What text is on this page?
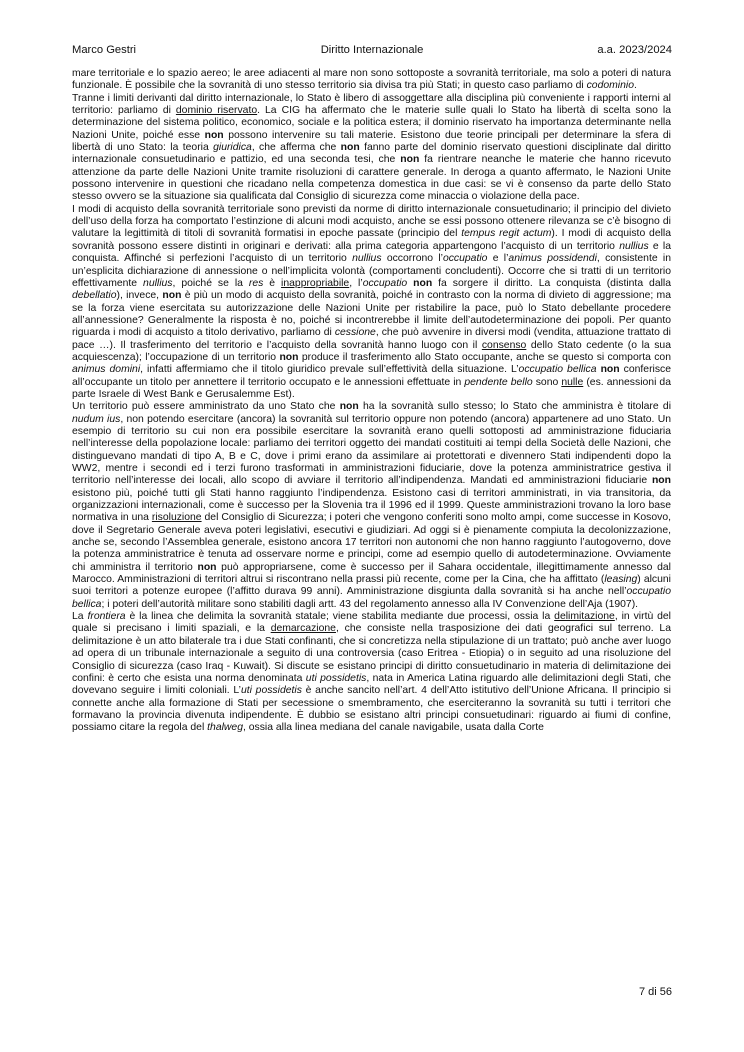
Marco Gestri	Diritto Internazionale	a.a. 2023/2024

mare territoriale e lo spazio aereo; le aree adiacenti al mare non sono sottoposte a sovranità territoriale, ma solo a poteri di natura funzionale. È possibile che la sovranità di uno stesso territorio sia divisa tra più Stati; in questo caso parliamo di codominio.

Tranne i limiti derivanti dal diritto internazionale, lo Stato è libero di assoggettare alla disciplina più conveniente i rapporti interni al territorio: parliamo di dominio riservato. La CIG ha affermato che le materie sulle quali lo Stato ha libertà di scelta sono la determinazione del sistema politico, economico, sociale e la politica estera; il dominio riservato ha importanza determinante nella Nazioni Unite, poiché esse non possono intervenire su tali materie. Esistono due teorie principali per determinare la sfera di libertà di uno Stato: la teoria giuridica, che afferma che non fanno parte del dominio riservato questioni disciplinate dal diritto internazionale consuetudinario e pattizio, ed una seconda tesi, che non fa rientrare neanche le materie che hanno ricevuto attenzione da parte delle Nazioni Unite tramite risoluzioni di carattere generale. In deroga a quanto affermato, le Nazioni Unite possono intervenire in questioni che ricadano nella competenza domestica in due casi: se vi è consenso da parte dello Stato stesso ovvero se la situazione sia qualificata dal Consiglio di sicurezza come minaccia o violazione della pace.

I modi di acquisto della sovranità territoriale sono previsti da norme di diritto internazionale consuetudinario; il principio del divieto dell’uso della forza ha comportato l’estinzione di alcuni modi acquisto, anche se essi possono ottenere rilevanza se c’è bisogno di valutare la legittimità di titoli di sovranità formatisi in epoche passate (principio del tempus regit actum). I modi di acquisto della sovranità possono essere distinti in originari e derivati: alla prima categoria appartengono l’acquisto di un territorio nullius e la conquista. Affinché si perfezioni l’acquisto di un territorio nullius occorrono l’occupatio e l’animus possidendi, consistente in un’esplicita dichiarazione di annessione o nell’implicita volontà (comportamenti concludenti). Occorre che si tratti di un territorio effettivamente nullius, poiché se la res è inappropriabile, l’occupatio non fa sorgere il diritto. La conquista (distinta dalla debellatio), invece, non è più un modo di acquisto della sovranità, poiché in contrasto con la norma di divieto di aggressione; ma se la forza viene esercitata su autorizzazione delle Nazioni Unite per ristabilire la pace, può lo Stato debellante procedere all’annessione? Generalmente la risposta è no, poiché si incontrerebbe il limite dell’autodeterminazione dei popoli. Per quanto riguarda i modi di acquisto a titolo derivativo, parliamo di cessione, che può avvenire in diversi modi (vendita, attuazione trattato di pace …). Il trasferimento del territorio e l’acquisto della sovranità hanno luogo con il consenso dello Stato cedente (o la sua acquiescenza); l’occupazione di un territorio non produce il trasferimento allo Stato occupante, anche se questo si comporta con animus domini, infatti affermiamo che il titolo giuridico prevale sull’effettività della situazione. L’occupatio bellica non conferisce all’occupante un titolo per annettere il territorio occupato e le annessioni effettuate in pendente bello sono nulle (es. annessioni da parte Israele di West Bank e Gerusalemme Est).

Un territorio può essere amministrato da uno Stato che non ha la sovranità sullo stesso; lo Stato che amministra è titolare di nudum ius, non potendo esercitare (ancora) la sovranità sul territorio oppure non potendo (ancora) appartenere ad uno Stato. Un esempio di territorio su cui non era possibile esercitare la sovranità erano quelli sottoposti ad amministrazione fiduciaria nell’interesse della popolazione locale: parliamo dei territori oggetto dei mandati costituiti ai tempi della Società delle Nazioni, che distinguevano mandati di tipo A, B e C, dove i primi erano da assimilare ai protettorati e divennero Stati indipendenti dopo la WW2, mentre i secondi ed i terzi furono trasformati in amministrazioni fiduciarie, dove la potenza amministratrice gestiva il territorio nell’interesse dei locali, allo scopo di avviare il territorio all’indipendenza. Mandati ed amministrazioni fiduciarie non esistono più, poiché tutti gli Stati hanno raggiunto l’indipendenza. Esistono casi di territori amministrati, in via transitoria, da organizzazioni internazionali, come è successo per la Slovenia tra il 1996 ed il 1999. Queste amministrazioni trovano la loro base normativa in una risoluzione del Consiglio di Sicurezza; i poteri che vengono conferiti sono molto ampi, come successe in Kosovo, dove il Segretario Generale aveva poteri legislativi, esecutivi e giudiziari. Ad oggi si è pienamente compiuta la decolonizzazione, anche se, secondo l’Assemblea generale, esistono ancora 17 territori non autonomi che non hanno raggiunto l’autogoverno, dove la potenza amministratrice è tenuta ad osservare norme e principi, come ad esempio quello di autodeterminazione. Ovviamente chi amministra il territorio non può appropriarsene, come è successo per il Sahara occidentale, illegittimamente annesso dal Marocco. Amministrazioni di territori altrui si riscontrano nella prassi più recente, come per la Cina, che ha affittato (leasing) alcuni suoi territori a potenze europee (l’affitto durava 99 anni). Amministrazione disgiunta dalla sovranità si ha anche nell’occupatio bellica; i poteri dell’autorità militare sono stabiliti dagli artt. 43 del regolamento annesso alla IV Convenzione dell’Aja (1907).

La frontiera è la linea che delimita la sovranità statale; viene stabilita mediante due processi, ossia la delimitazione, in virtù del quale si precisano i limiti spaziali, e la demarcazione, che consiste nella trasposizione dei dati geografici sul terreno. La delimitazione è un atto bilaterale tra i due Stati confinanti, che si concretizza nella stipulazione di un trattato; può anche aver luogo ad opera di un tribunale internazionale a seguito di una controversia (caso Eritrea - Etiopia) o in seguito ad una risoluzione del Consiglio di sicurezza (caso Iraq - Kuwait). Si discute se esistano principi di diritto consuetudinario in materia di delimitazione dei confini: è certo che esista una norma denominata uti possidetis, nata in America Latina riguardo alle delimitazioni degli Stati, che dovevano seguire i limiti coloniali. L’uti possidetis è anche sancito nell’art. 4 dell’Atto istitutivo dell’Unione Africana. Il principio si connette anche alla formazione di Stati per secessione o smembramento, che eserciteranno la sovranità su tutti i territori che formavano la provincia divenuta indipendente. È dubbio se esistano altri principi consuetudinari: riguardo ai fiumi di confine, possiamo citare la regola del thalweg, ossia alla linea mediana del canale navigabile, usata dalla Corte

7 di 56
